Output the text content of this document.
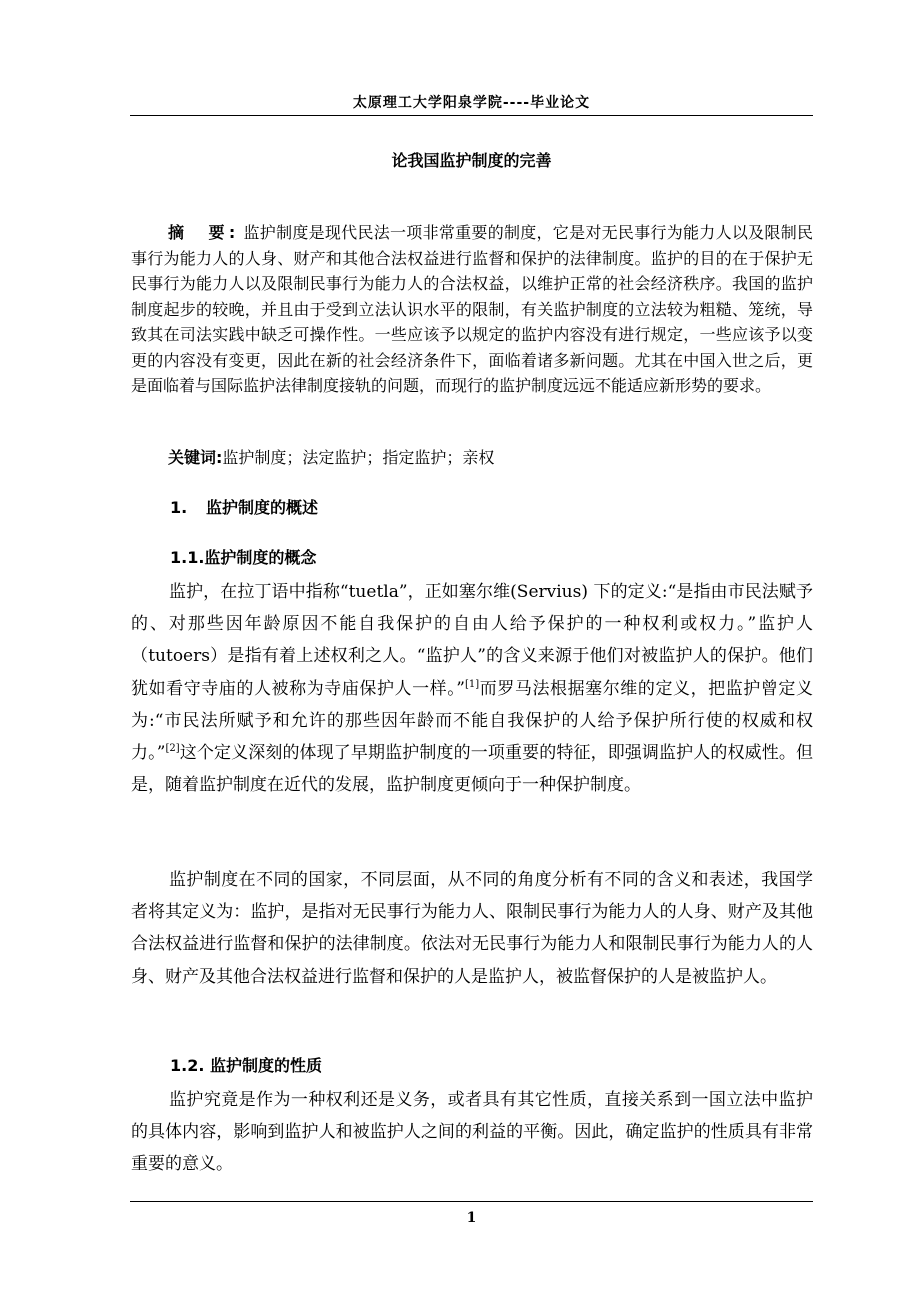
太原理工大学阳泉学院----毕业论文
论我国监护制度的完善

摘　要: 监护制度是现代民法一项非常重要的制度，它是对无民事行为能力人以及限制民事行为能力人的人身、财产和其他合法权益进行监督和保护的法律制度。监护的目的在于保护无民事行为能力人以及限制民事行为能力人的合法权益，以维护正常的社会经济秩序。我国的监护制度起步的较晚，并且由于受到立法认识水平的限制，有关监护制度的立法较为粗糙、笼统，导致其在司法实践中缺乏可操作性。一些应该予以规定的监护内容没有进行规定，一些应该予以变更的内容没有变更，因此在新的社会经济条件下，面临着诸多新问题。尤其在中国入世之后，更是面临着与国际监护法律制度接轨的问题，而现行的监护制度远远不能适应新形势的要求。

关键词:监护制度；法定监护；指定监护；亲权

1. 监护制度的概述

1.1.监护制度的概念

监护，在拉丁语中指称“tuetla”，正如塞尔维(Servius) 下的定义:“是指由市民法赋予的、对那些因年龄原因不能自我保护的自由人给予保护的一种权利或权力。”监护人（tutoers）是指有着上述权利之人。“监护人”的含义来源于他们对被监护人的保护。他们犹如看守寺庙的人被称为寺庙保护人一样。”[1]而罗马法根据塞尔维的定义，把监护曾定义为:“市民法所赋予和允许的那些因年龄而不能自我保护的人给予保护所行使的权威和权力。”[2]这个定义深刻的体现了早期监护制度的一项重要的特征，即强调监护人的权威性。但是，随着监护制度在近代的发展，监护制度更倾向于一种保护制度。

监护制度在不同的国家，不同层面，从不同的角度分析有不同的含义和表述，我国学者将其定义为：监护，是指对无民事行为能力人、限制民事行为能力人的人身、财产及其他合法权益进行监督和保护的法律制度。依法对无民事行为能力人和限制民事行为能力人的人身、财产及其他合法权益进行监督和保护的人是监护人，被监督保护的人是被监护人。

1.2. 监护制度的性质

监护究竟是作为一种权利还是义务，或者具有其它性质，直接关系到一国立法中监护的具体内容，影响到监护人和被监护人之间的利益的平衡。因此，确定监护的性质具有非常重要的意义。

1
